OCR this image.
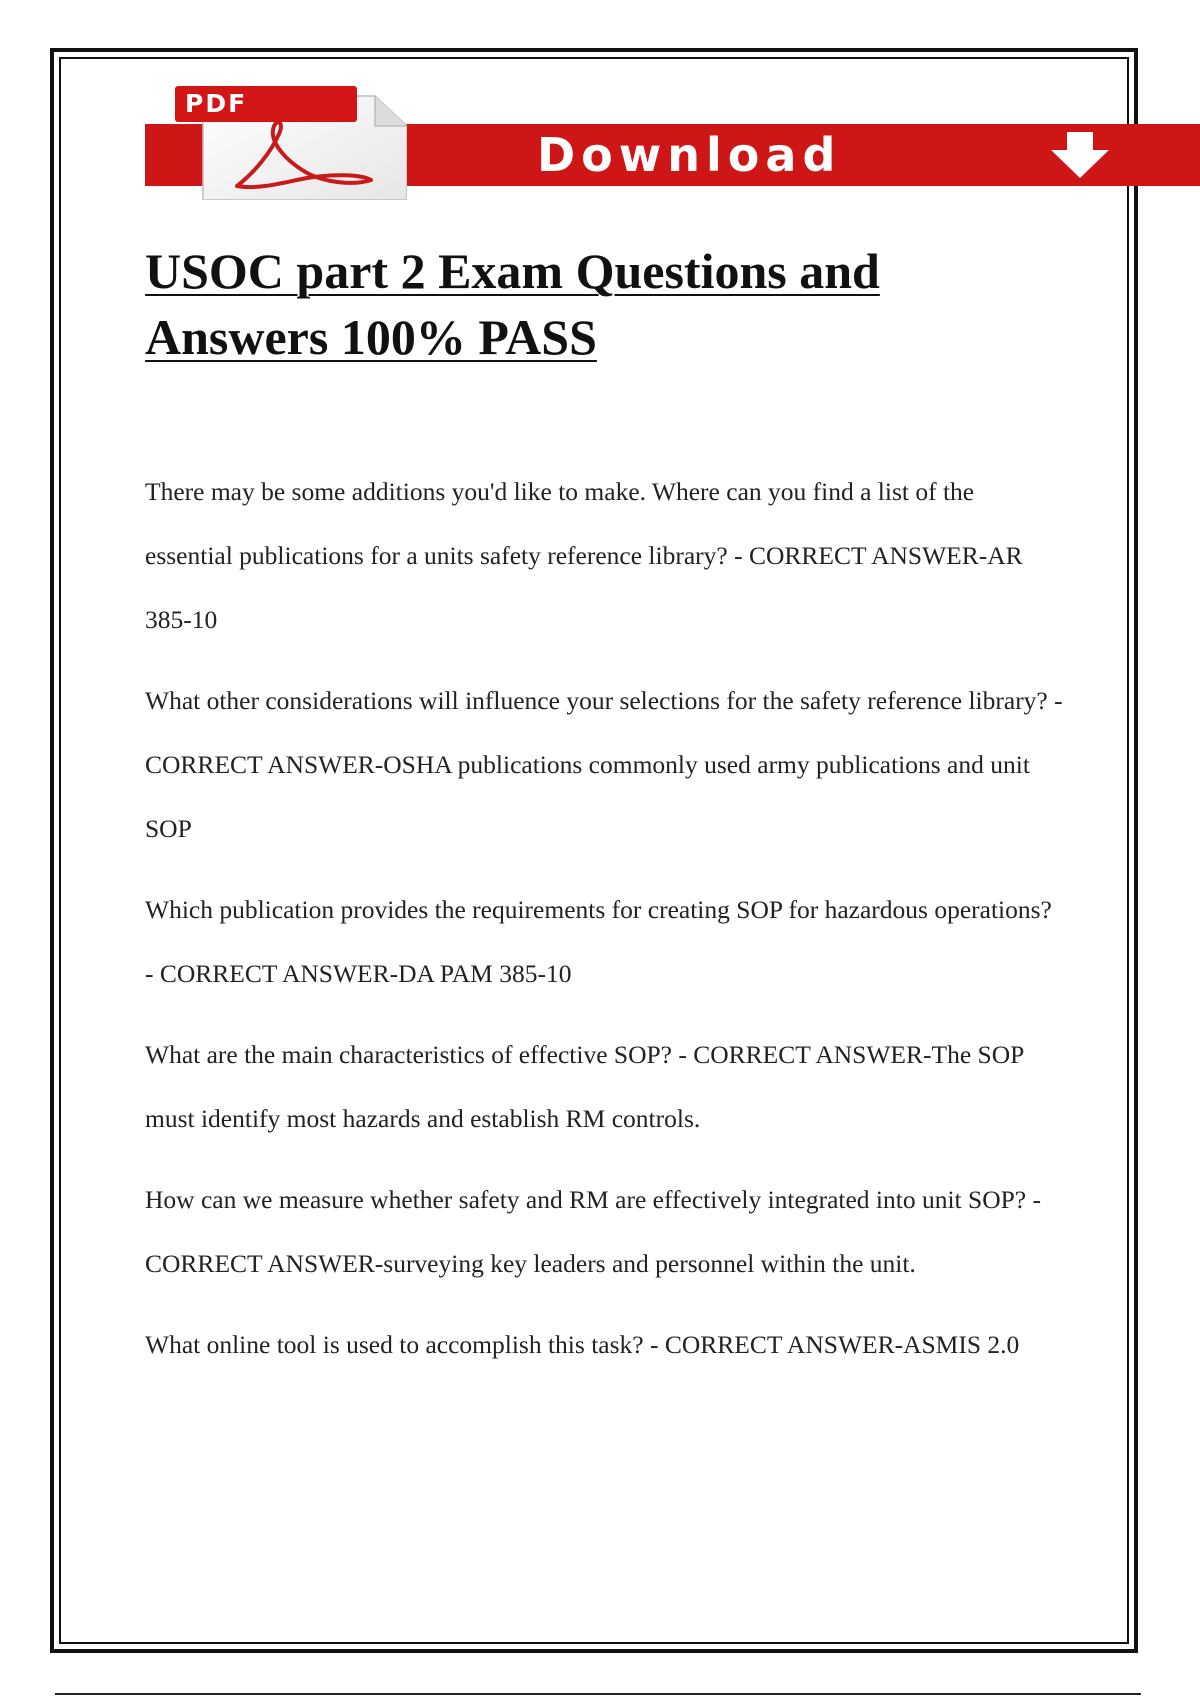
Download
PDF
USOC part 2 Exam Questions and Answers 100% PASS

There may be some additions you'd like to make. Where can you find a list of the essential publications for a units safety reference library? - CORRECT ANSWER-AR 385-10

What other considerations will influence your selections for the safety reference library? - CORRECT ANSWER-OSHA publications commonly used army publications and unit SOP

Which publication provides the requirements for creating SOP for hazardous operations? - CORRECT ANSWER-DA PAM 385-10

What are the main characteristics of effective SOP? - CORRECT ANSWER-The SOP must identify most hazards and establish RM controls.

How can we measure whether safety and RM are effectively integrated into unit SOP? - CORRECT ANSWER-surveying key leaders and personnel within the unit.

What online tool is used to accomplish this task? - CORRECT ANSWER-ASMIS 2.0
